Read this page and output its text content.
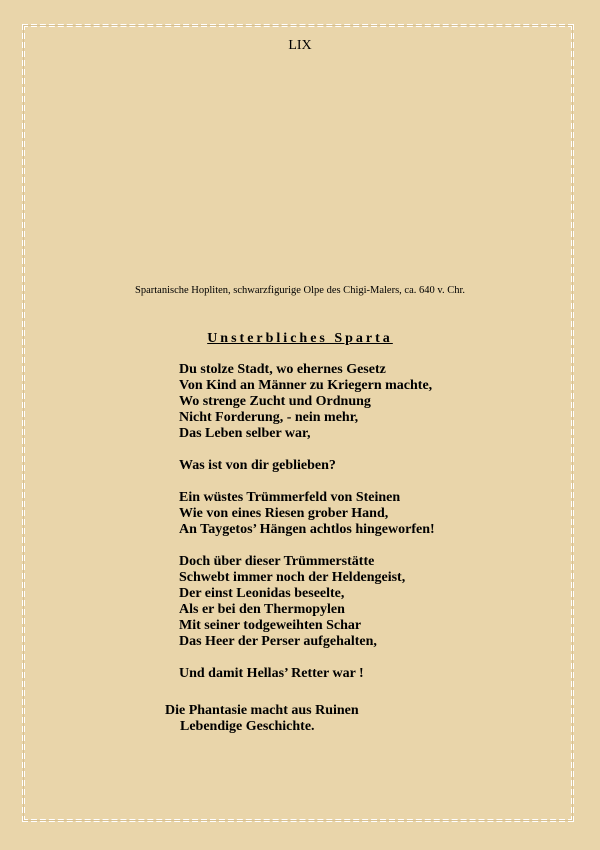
LIX
Spartanische Hopliten, schwarzfigurige Olpe des Chigi-Malers, ca. 640 v. Chr.
Unsterbliches Sparta
Du stolze Stadt, wo ehernes Gesetz
Von Kind an Männer zu Kriegern machte,
Wo strenge Zucht und Ordnung
Nicht Forderung, - nein mehr,
Das Leben selber war,
Was ist von dir geblieben?
Ein wüstes Trümmerfeld von Steinen
Wie von eines Riesen grober Hand,
An Taygetos’ Hängen achtlos hingeworfen!
Doch über dieser Trümmerstätte
Schwebt immer noch der Heldengeist,
Der einst Leonidas beseelte,
Als er bei den Thermopylen
Mit seiner todgeweihten Schar
Das Heer der Perser aufgehalten,
Und damit Hellas’ Retter war !
Die Phantasie macht aus Ruinen
Lebendige Geschichte.
